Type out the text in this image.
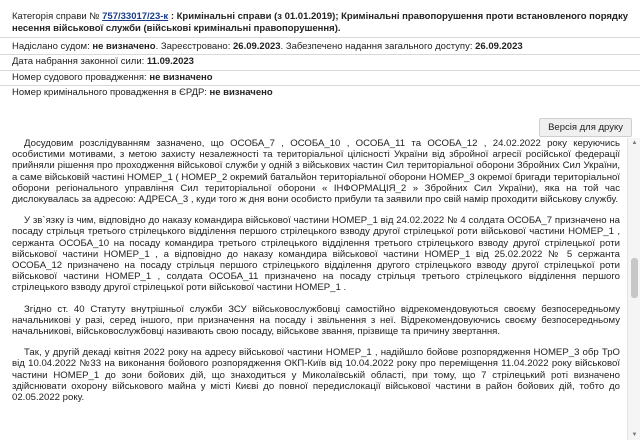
Категорія справи № 757/33017/23-к : Кримінальні справи (з 01.01.2019); Кримінальні правопорушення проти встановленого порядку несення військової служби (військові кримінальні правопорушення).
Надіслано судом: не визначено. Зареєстровано: 26.09.2023. Забезпечено надання загального доступу: 26.09.2023
Дата набрання законної сили: 11.09.2023
Номер судового провадження: не визначено
Номер кримінального провадження в ЄРДР: не визначено
Версія для друку

Досудовим розслідуванням зазначено, що ОСОБА_7 , ОСОБА_10 , ОСОБА_11 та ОСОБА_12 , 24.02.2022 року керуючись особистими мотивами, з метою захисту незалежності та територіальної цілісності України від збройної агресії російської федерації прийняли рішення про проходження військової служби у одній з військових частин Сил територіальної оборони Збройних Сил України, а саме військовій частині НОМЕР_1 ( НОМЕР_2 окремий батальйон територіальної оборони НОМЕР_3 окремої бригади територіальної оборони регіонального управління Сил територіальної оборони « ІНФОРМАЦІЯ_2 » Збройних Сил України), яка на той час дислокувалась за адресою: АДРЕСА_3 , куди того ж дня вони особисто прибули та заявили про свій намір проходити військову службу.

У зв`язку із чим, відповідно до наказу командира військової частини НОМЕР_1 від 24.02.2022 № 4 солдата ОСОБА_7 призначено на посаду стрільця третього стрілецького відділення першого стрілецького взводу другої стрілецької роти військової частини НОМЕР_1 , сержанта ОСОБА_10 на посаду командира третього стрілецького відділення третього стрілецького взводу другої стрілецької роти військової частини НОМЕР_1 , а відповідно до наказу командира військової частини НОМЕР_1 від 25.02.2022 № 5 сержанта ОСОБА_12 призначено на посаду стрільця першого стрілецького відділення другого стрілецького взводу другої стрілецької роти військової частини НОМЕР_1 , солдата ОСОБА_11 призначено на посаду стрільця третього стрілецького відділення першого стрілецького взводу другої стрілецької роти військової частини НОМЕР_1 .

Згідно ст. 40 Статуту внутрішньої служби ЗСУ військовослужбовці самостійно відрекомендовуються своєму безпосередньому начальникові у разі, серед іншого, при призначення на посаду і звільнення з неї. Відрекомендовуючись своєму безпосередньому начальникові, військовослужбовці називають свою посаду, військове звання, прізвище та причину звертання.

Так, у другій декаді квітня 2022 року на адресу військової частини НОМЕР_1 , надійшло бойове розпорядження НОМЕР_3 обр ТрО від 10.04.2022 №33 на виконання бойового розпорядження ОКП-Київ від 10.04.2022 року про переміщення 11.04.2022 року військової частини НОМЕР_1 до зони бойових дій, що знаходиться у Миколаївській області, при тому, що 7 стрілецький роті визначено здійснювати охорону військового майна у місті Києві до повної передислокації військової частини в район бойових дій, тобто до 02.05.2022 року.

▲
▼
